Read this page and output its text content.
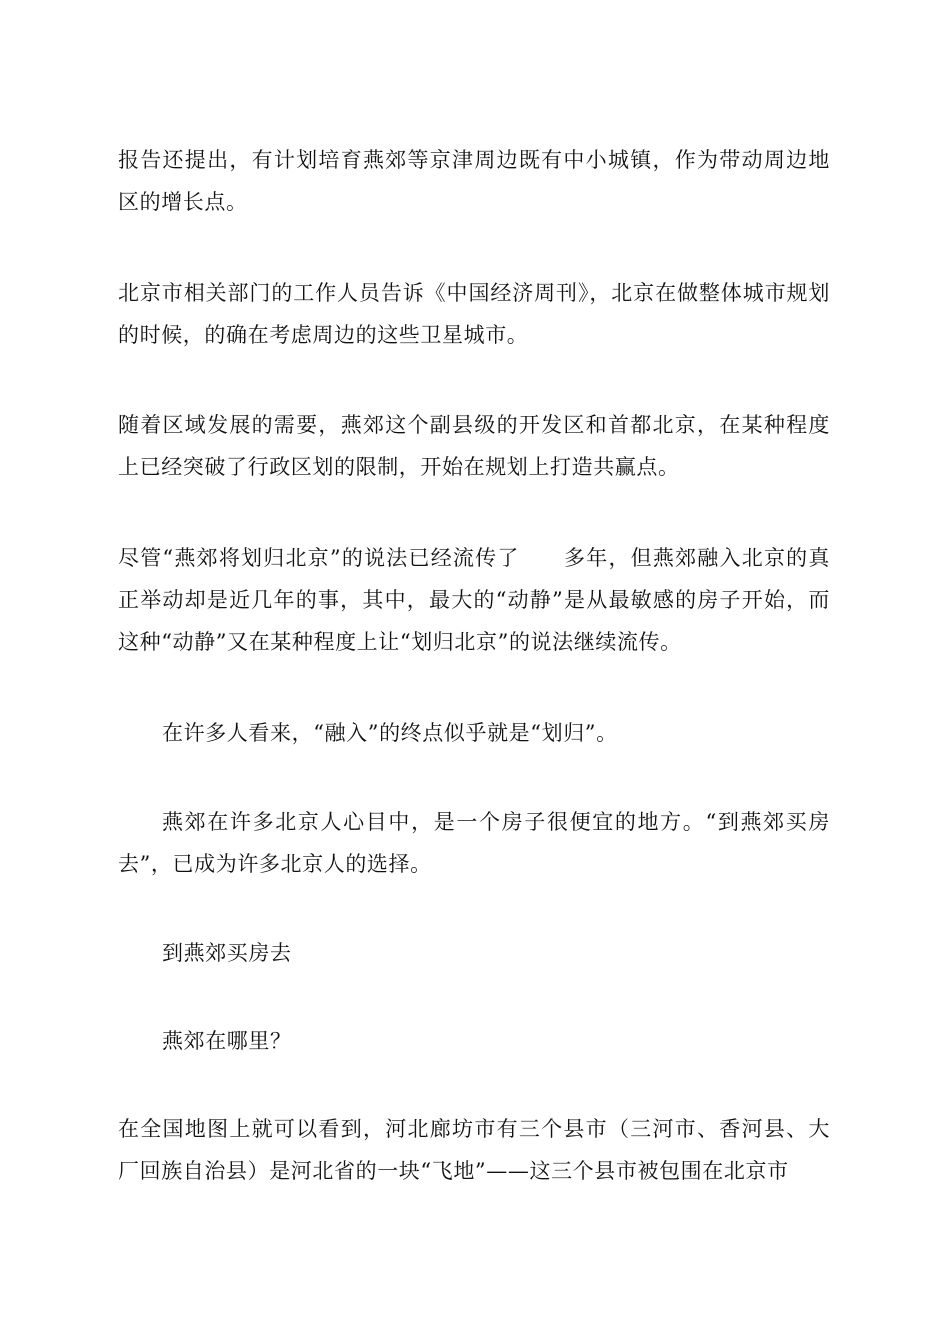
报告还提出，有计划培育燕郊等京津周边既有中小城镇，作为带动周边地区的增长点。

北京市相关部门的工作人员告诉《中国经济周刊》，北京在做整体城市规划的时候，的确在考虑周边的这些卫星城市。

随着区域发展的需要，燕郊这个副县级的开发区和首都北京，在某种程度上已经突破了行政区划的限制，开始在规划上打造共赢点。

尽管“燕郊将划归北京”的说法已经流传了　　多年，但燕郊融入北京的真正举动却是近几年的事，其中，最大的“动静”是从最敏感的房子开始，而这种“动静”又在某种程度上让“划归北京”的说法继续流传。

在许多人看来，“融入”的终点似乎就是“划归”。

燕郊在许多北京人心目中，是一个房子很便宜的地方。“到燕郊买房去”，已成为许多北京人的选择。

到燕郊买房去

燕郊在哪里？

在全国地图上就可以看到，河北廊坊市有三个县市（三河市、香河县、大厂回族自治县）是河北省的一块“飞地”——这三个县市被包围在北京市
